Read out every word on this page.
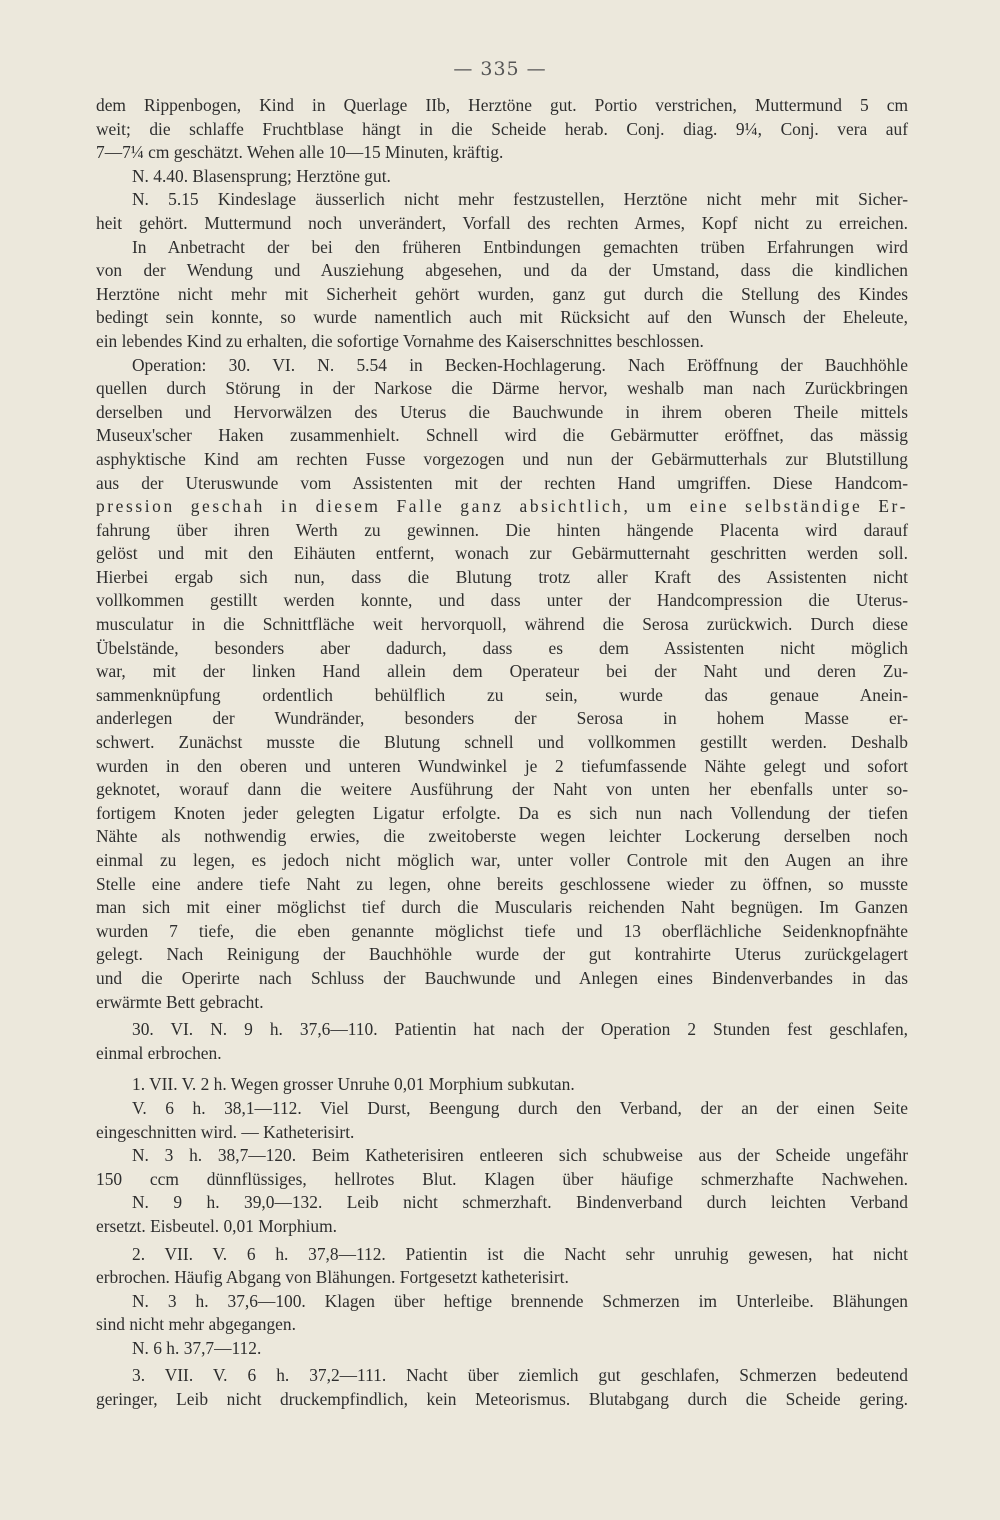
— 335 —
dem Rippenbogen, Kind in Querlage IIb, Herztöne gut. Portio verstrichen, Muttermund 5 cm
weit; die schlaffe Fruchtblase hängt in die Scheide herab. Conj. diag. 9¼, Conj. vera auf
7—7¼ cm geschätzt. Wehen alle 10—15 Minuten, kräftig.
N. 4.40. Blasensprung; Herztöne gut.
N. 5.15 Kindeslage äusserlich nicht mehr festzustellen, Herztöne nicht mehr mit Sicher-
heit gehört. Muttermund noch unverändert, Vorfall des rechten Armes, Kopf nicht zu erreichen.
In Anbetracht der bei den früheren Entbindungen gemachten trüben Erfahrungen wird
von der Wendung und Ausziehung abgesehen, und da der Umstand, dass die kindlichen
Herztöne nicht mehr mit Sicherheit gehört wurden, ganz gut durch die Stellung des Kindes
bedingt sein konnte, so wurde namentlich auch mit Rücksicht auf den Wunsch der Eheleute,
ein lebendes Kind zu erhalten, die sofortige Vornahme des Kaiserschnittes beschlossen.
Operation: 30. VI. N. 5.54 in Becken-Hochlagerung. Nach Eröffnung der Bauchhöhle
quellen durch Störung in der Narkose die Därme hervor, weshalb man nach Zurückbringen
derselben und Hervorwälzen des Uterus die Bauchwunde in ihrem oberen Theile mittels
Museux'scher Haken zusammenhielt. Schnell wird die Gebärmutter eröffnet, das mässig
asphyktische Kind am rechten Fusse vorgezogen und nun der Gebärmutterhals zur Blutstillung
aus der Uteruswunde vom Assistenten mit der rechten Hand umgriffen. Diese Handcom-
pression geschah in diesem Falle ganz absichtlich, um eine selbständige Er-
fahrung über ihren Werth zu gewinnen. Die hinten hängende Placenta wird darauf
gelöst und mit den Eihäuten entfernt, wonach zur Gebärmutternaht geschritten werden soll.
Hierbei ergab sich nun, dass die Blutung trotz aller Kraft des Assistenten nicht
vollkommen gestillt werden konnte, und dass unter der Handcompression die Uterus-
musculatur in die Schnittfläche weit hervorquoll, während die Serosa zurückwich. Durch diese
Übelstände, besonders aber dadurch, dass es dem Assistenten nicht möglich
war, mit der linken Hand allein dem Operateur bei der Naht und deren Zu-
sammenknüpfung ordentlich behülflich zu sein, wurde das genaue Anein-
anderlegen der Wundränder, besonders der Serosa in hohem Masse er-
schwert. Zunächst musste die Blutung schnell und vollkommen gestillt werden. Deshalb
wurden in den oberen und unteren Wundwinkel je 2 tiefumfassende Nähte gelegt und sofort
geknotet, worauf dann die weitere Ausführung der Naht von unten her ebenfalls unter so-
fortigem Knoten jeder gelegten Ligatur erfolgte. Da es sich nun nach Vollendung der tiefen
Nähte als nothwendig erwies, die zweitoberste wegen leichter Lockerung derselben noch
einmal zu legen, es jedoch nicht möglich war, unter voller Controle mit den Augen an ihre
Stelle eine andere tiefe Naht zu legen, ohne bereits geschlossene wieder zu öffnen, so musste
man sich mit einer möglichst tief durch die Muscularis reichenden Naht begnügen. Im Ganzen
wurden 7 tiefe, die eben genannte möglichst tiefe und 13 oberflächliche Seidenknopfnähte
gelegt. Nach Reinigung der Bauchhöhle wurde der gut kontrahirte Uterus zurückgelagert
und die Operirte nach Schluss der Bauchwunde und Anlegen eines Bindenverbandes in das
erwärmte Bett gebracht.
30. VI. N. 9 h. 37,6—110. Patientin hat nach der Operation 2 Stunden fest geschlafen,
einmal erbrochen.
1. VII. V. 2 h. Wegen grosser Unruhe 0,01 Morphium subkutan.
V. 6 h. 38,1—112. Viel Durst, Beengung durch den Verband, der an der einen Seite
eingeschnitten wird. — Katheterisirt.
N. 3 h. 38,7—120. Beim Katheterisiren entleeren sich schubweise aus der Scheide ungefähr
150 ccm dünnflüssiges, hellrotes Blut. Klagen über häufige schmerzhafte Nachwehen.
N. 9 h. 39,0—132. Leib nicht schmerzhaft. Bindenverband durch leichten Verband
ersetzt. Eisbeutel. 0,01 Morphium.
2. VII. V. 6 h. 37,8—112. Patientin ist die Nacht sehr unruhig gewesen, hat nicht
erbrochen. Häufig Abgang von Blähungen. Fortgesetzt katheterisirt.
N. 3 h. 37,6—100. Klagen über heftige brennende Schmerzen im Unterleibe. Blähungen
sind nicht mehr abgegangen.
N. 6 h. 37,7—112.
3. VII. V. 6 h. 37,2—111. Nacht über ziemlich gut geschlafen, Schmerzen bedeutend
geringer, Leib nicht druckempfindlich, kein Meteorismus. Blutabgang durch die Scheide gering.
